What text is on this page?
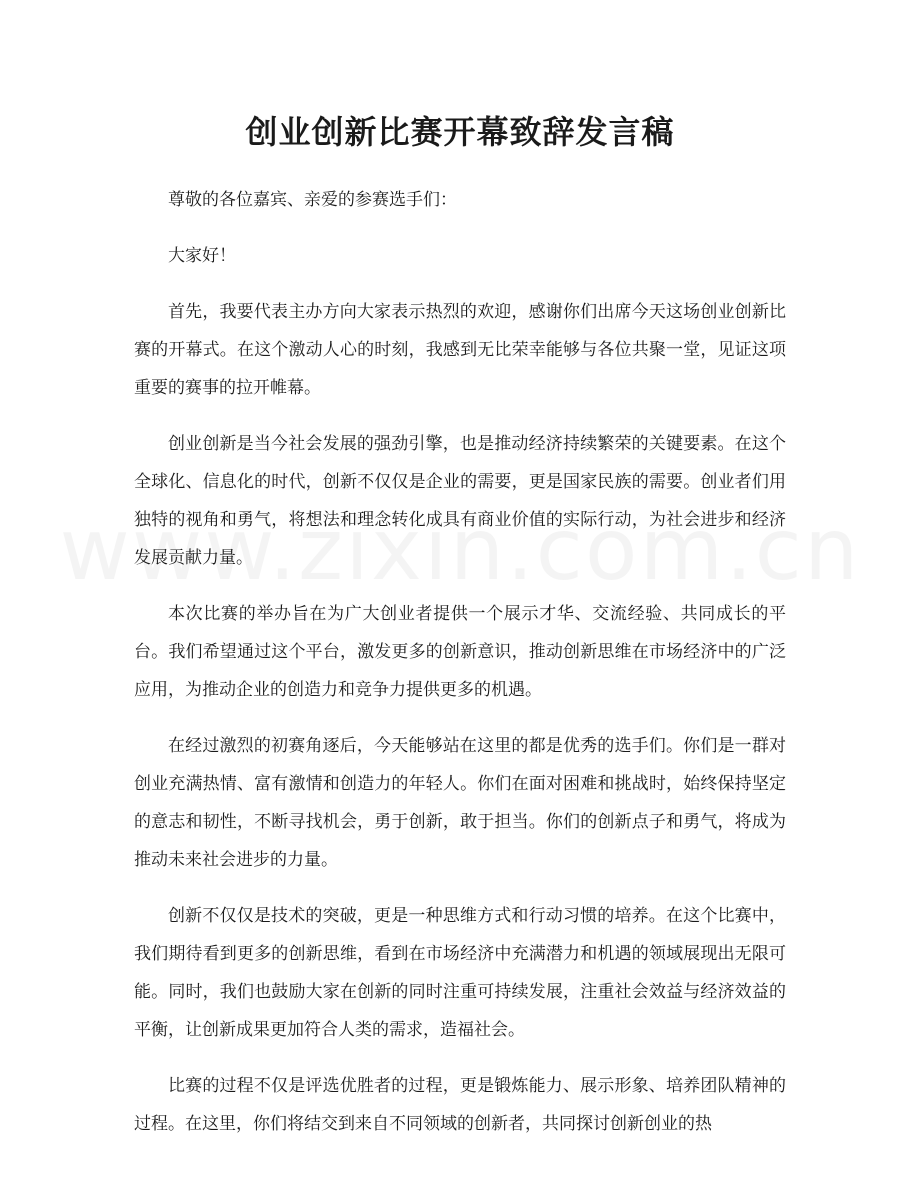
创业创新比赛开幕致辞发言稿

尊敬的各位嘉宾、亲爱的参赛选手们：

大家好！

首先，我要代表主办方向大家表示热烈的欢迎，感谢你们出席今天这场创业创新比赛的开幕式。在这个激动人心的时刻，我感到无比荣幸能够与各位共聚一堂，见证这项重要的赛事的拉开帷幕。

创业创新是当今社会发展的强劲引擎，也是推动经济持续繁荣的关键要素。在这个全球化、信息化的时代，创新不仅仅是企业的需要，更是国家民族的需要。创业者们用独特的视角和勇气，将想法和理念转化成具有商业价值的实际行动，为社会进步和经济发展贡献力量。

本次比赛的举办旨在为广大创业者提供一个展示才华、交流经验、共同成长的平台。我们希望通过这个平台，激发更多的创新意识，推动创新思维在市场经济中的广泛应用，为推动企业的创造力和竞争力提供更多的机遇。

在经过激烈的初赛角逐后，今天能够站在这里的都是优秀的选手们。你们是一群对创业充满热情、富有激情和创造力的年轻人。你们在面对困难和挑战时，始终保持坚定的意志和韧性，不断寻找机会，勇于创新，敢于担当。你们的创新点子和勇气，将成为推动未来社会进步的力量。

创新不仅仅是技术的突破，更是一种思维方式和行动习惯的培养。在这个比赛中，我们期待看到更多的创新思维，看到在市场经济中充满潜力和机遇的领域展现出无限可能。同时，我们也鼓励大家在创新的同时注重可持续发展，注重社会效益与经济效益的平衡，让创新成果更加符合人类的需求，造福社会。

比赛的过程不仅是评选优胜者的过程，更是锻炼能力、展示形象、培养团队精神的过程。在这里，你们将结交到来自不同领域的创新者，共同探讨创新创业的热
